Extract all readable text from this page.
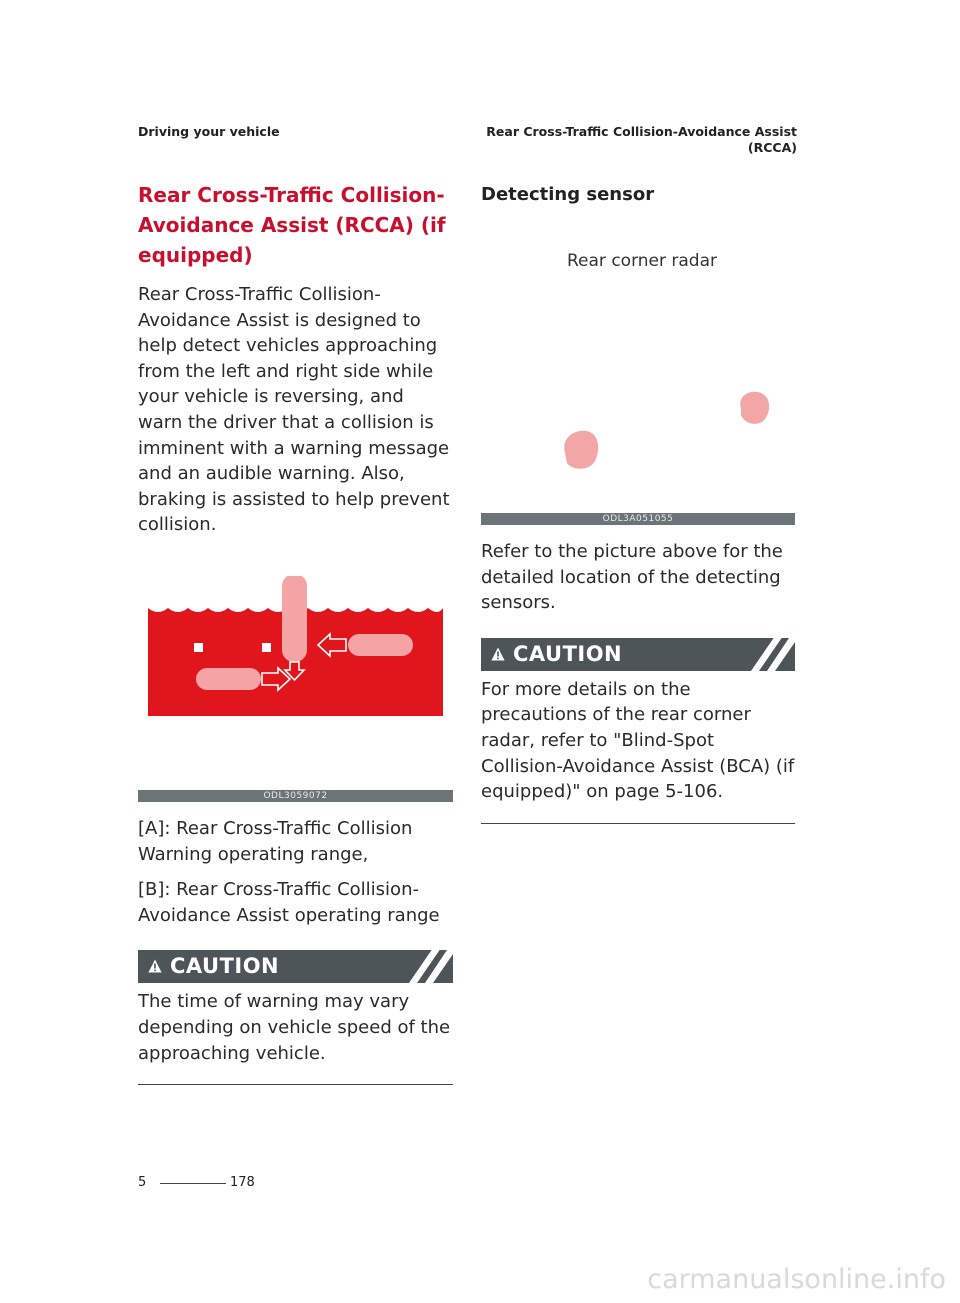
Driving your vehicle	Rear Cross-Traffic Collision-Avoidance Assist
(RCCA)
Rear Cross-Traffic Collision-
Avoidance Assist (RCCA) (if
equipped)

Rear Cross-Traffic Collision-Avoidance Assist is designed to help detect vehicles approaching from the left and right side while your vehicle is reversing, and warn the driver that a collision is imminent with a warning message and an audible warning. Also, braking is assisted to help prevent collision.

ODL3059072

[A]: Rear Cross-Traffic Collision Warning operating range,

[B]: Rear Cross-Traffic Collision-Avoidance Assist operating range

CAUTION

The time of warning may vary depending on vehicle speed of the approaching vehicle.

Detecting sensor
Rear corner radar
ODL3A051055

Refer to the picture above for the detailed location of the detecting sensors.

CAUTION

For more details on the precautions of the rear corner radar, refer to "Blind-Spot Collision-Avoidance Assist (BCA) (if equipped)" on page 5-106.

5	178
carmanualsonline.info
